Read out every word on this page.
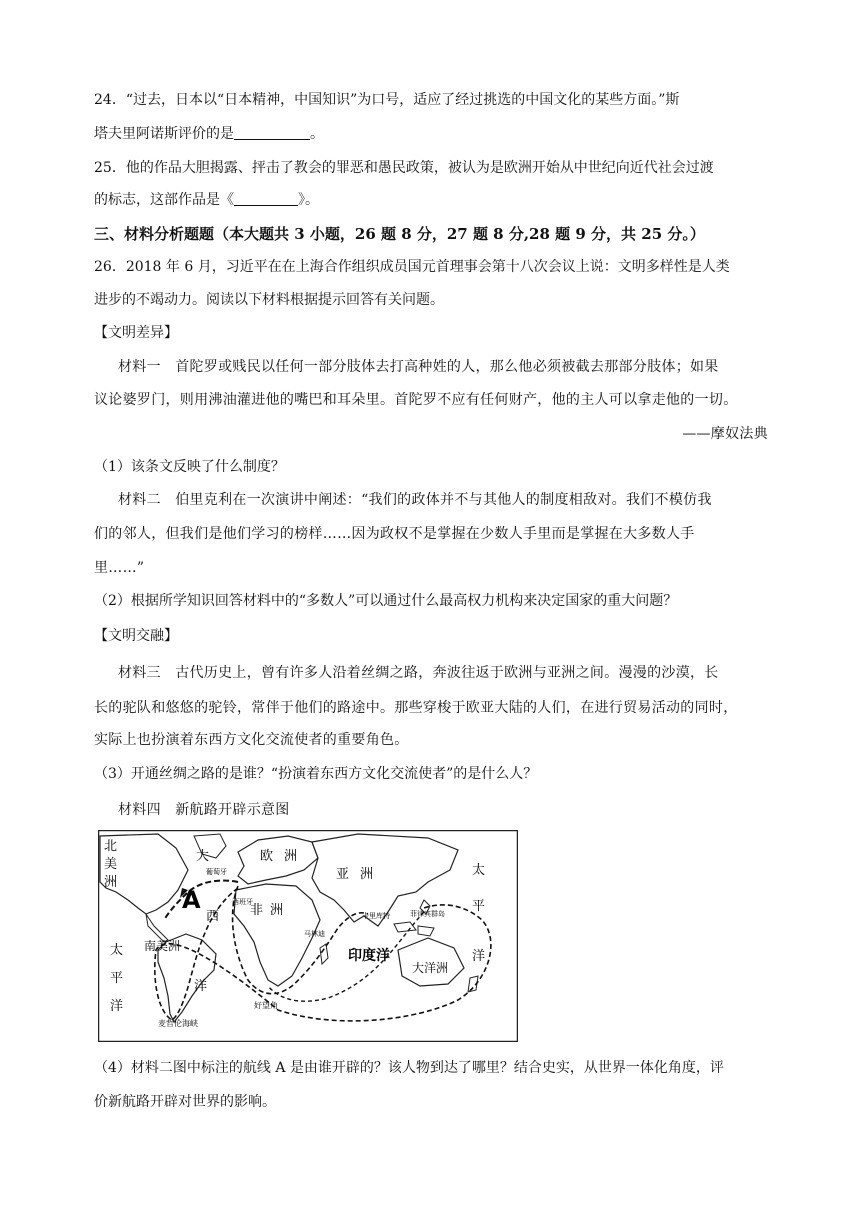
24．“过去，日本以“日本精神，中国知识”为口号，适应了经过挑选的中国文化的某些方面。”斯
塔夫里阿诺斯评价的是	。
25．他的作品大胆揭露、抨击了教会的罪恶和愚民政策，被认为是欧洲开始从中世纪向近代社会过渡
的标志，这部作品是《	》。
三、材料分析题题（本大题共 3 小题，26 题 8 分，27 题 8 分,28 题 9 分，共 25 分。）
26．2018 年 6 月，习近平在在上海合作组织成员国元首理事会第十八次会议上说：文明多样性是人类
进步的不竭动力。阅读以下材料根据提示回答有关问题。
【文明差异】
材料一　首陀罗或贱民以任何一部分肢体去打高种姓的人，那么他必须被截去那部分肢体；如果
议论婆罗门，则用沸油灌进他的嘴巴和耳朵里。首陀罗不应有任何财产，他的主人可以拿走他的一切。
——摩奴法典
（1）该条文反映了什么制度？
材料二　伯里克利在一次演讲中阐述：“我们的政体并不与其他人的制度相敌对。我们不模仿我
们的邻人，但我们是他们学习的榜样……因为政权不是掌握在少数人手里而是掌握在大多数人手
里……”
（2）根据所学知识回答材料中的“多数人”可以通过什么最高权力机构来决定国家的重大问题？
【文明交融】
材料三　古代历史上，曾有许多人沿着丝绸之路，奔波往返于欧洲与亚洲之间。漫漫的沙漠，长
长的驼队和悠悠的驼铃，常伴于他们的路途中。那些穿梭于欧亚大陆的人们，在进行贸易活动的同时，
实际上也扮演着东西方文化交流使者的重要角色。
（3）开通丝绸之路的是谁？“扮演着东西方文化交流使者”的是什么人？
材料四　新航路开辟示意图
北
美
洲
大
西
洋
葡萄牙
西班牙
欧 洲
非 洲
亚 洲
A
南美洲
太
平
洋
太
平
洋
菲律宾群岛
卡里库特
马林迪
印度洋
大洋洲
好望角
麦哲伦海峡
（4）材料二图中标注的航线 A 是由谁开辟的？该人物到达了哪里？结合史实，从世界一体化角度，评
价新航路开辟对世界的影响。
